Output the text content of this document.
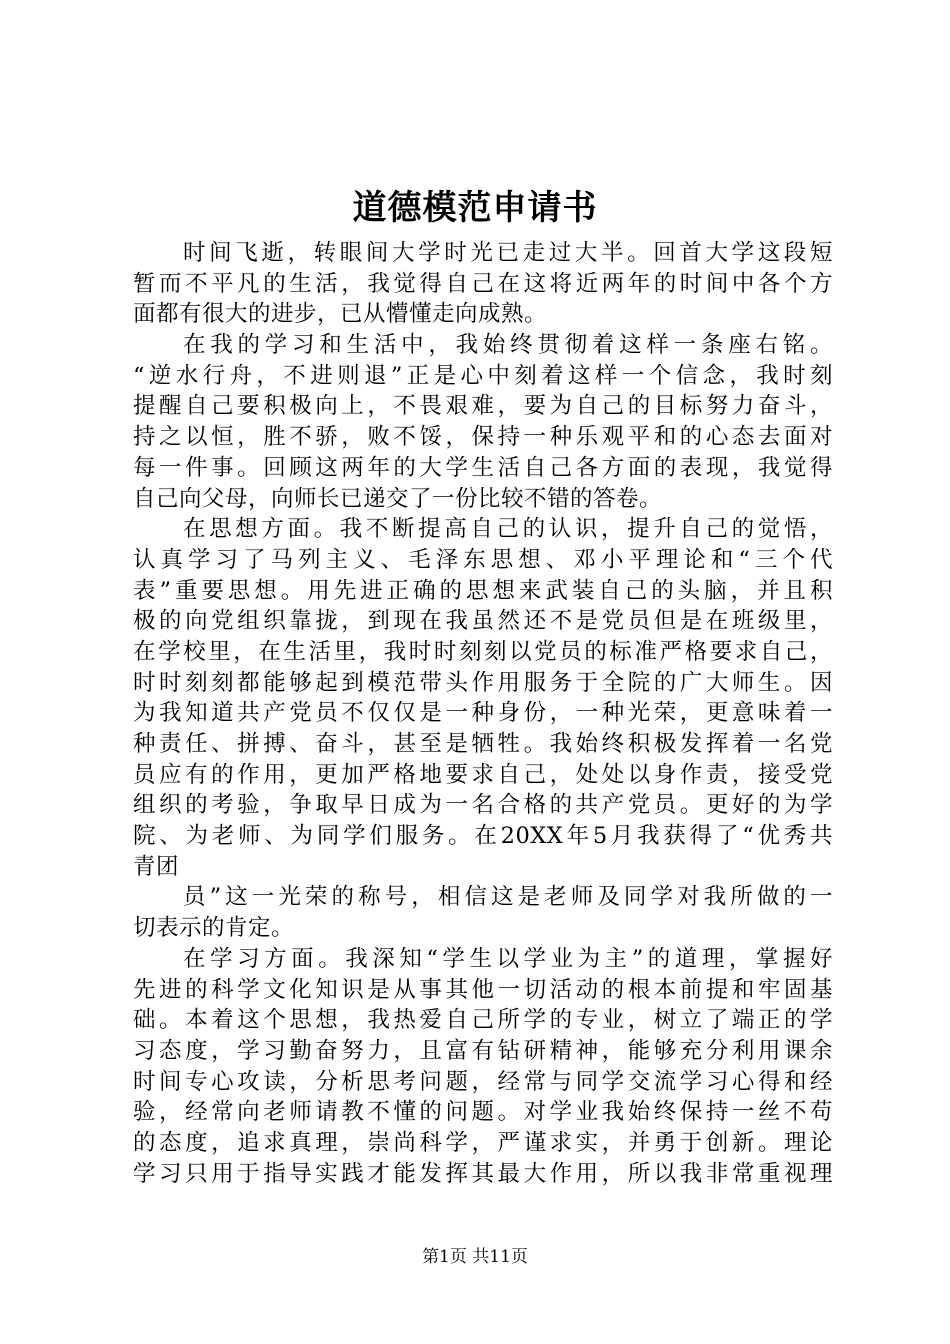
道德模范申请书
时间飞逝，转眼间大学时光已走过大半。回首大学这段短
暂而不平凡的生活，我觉得自己在这将近两年的时间中各个方
面都有很大的进步，已从懵懂走向成熟。
在我的学习和生活中，我始终贯彻着这样一条座右铭。
“逆水行舟，不进则退”正是心中刻着这样一个信念，我时刻
提醒自己要积极向上，不畏艰难，要为自己的目标努力奋斗，
持之以恒，胜不骄，败不馁，保持一种乐观平和的心态去面对
每一件事。回顾这两年的大学生活自己各方面的表现，我觉得
自己向父母，向师长已递交了一份比较不错的答卷。
在思想方面。我不断提高自己的认识，提升自己的觉悟，
认真学习了马列主义、毛泽东思想、邓小平理论和“三个代
表”重要思想。用先进正确的思想来武装自己的头脑，并且积
极的向党组织靠拢，到现在我虽然还不是党员但是在班级里，
在学校里，在生活里，我时时刻刻以党员的标准严格要求自己，
时时刻刻都能够起到模范带头作用服务于全院的广大师生。因
为我知道共产党员不仅仅是一种身份，一种光荣，更意味着一
种责任、拼搏、奋斗，甚至是牺牲。我始终积极发挥着一名党
员应有的作用，更加严格地要求自己，处处以身作责，接受党
组织的考验，争取早日成为一名合格的共产党员。更好的为学
院、为老师、为同学们服务。在20XX年5月我获得了“优秀共
青团
员”这一光荣的称号，相信这是老师及同学对我所做的一
切表示的肯定。
在学习方面。我深知“学生以学业为主”的道理，掌握好
先进的科学文化知识是从事其他一切活动的根本前提和牢固基
础。本着这个思想，我热爱自己所学的专业，树立了端正的学
习态度，学习勤奋努力，且富有钻研精神，能够充分利用课余
时间专心攻读，分析思考问题，经常与同学交流学习心得和经
验，经常向老师请教不懂的问题。对学业我始终保持一丝不苟
的态度，追求真理，崇尚科学，严谨求实，并勇于创新。理论
学习只用于指导实践才能发挥其最大作用，所以我非常重视理
第1页 共11页
